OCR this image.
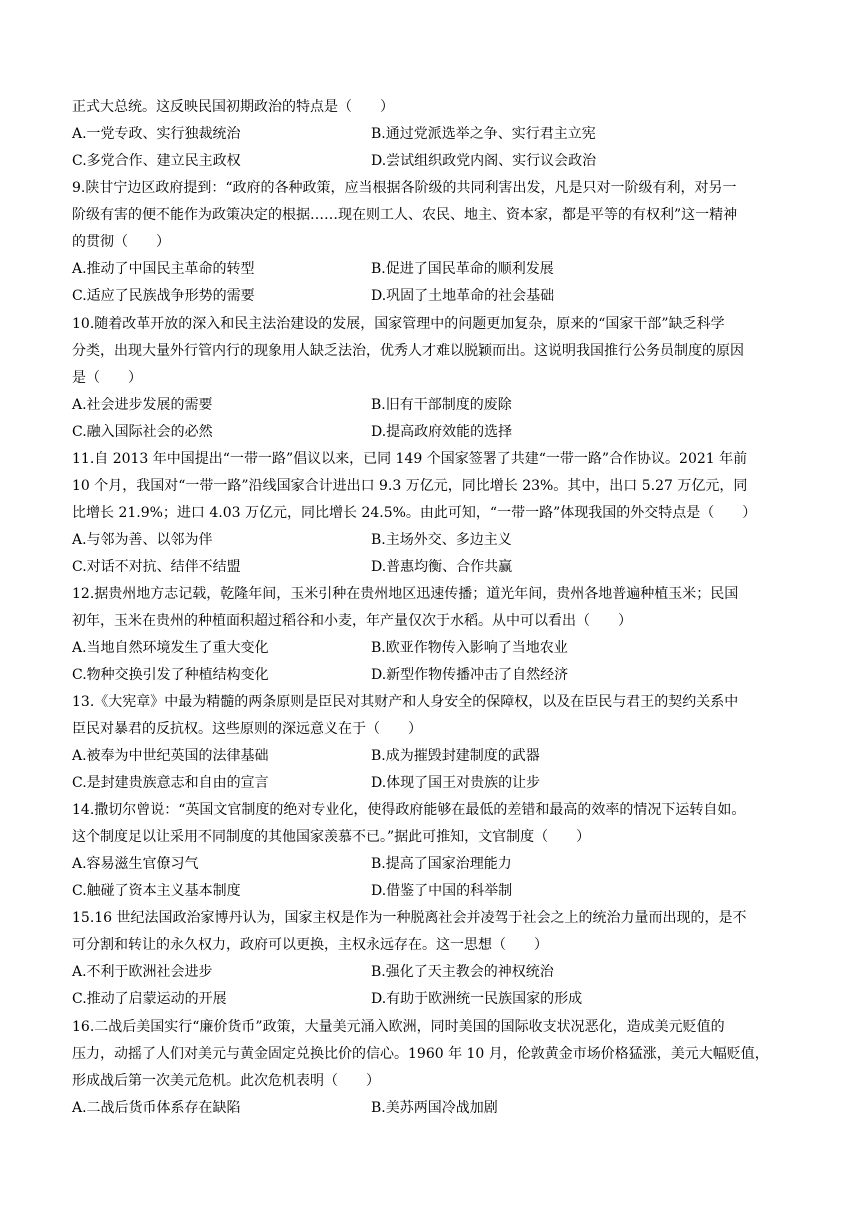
正式大总统。这反映民国初期政治的特点是（　　）
A.一党专政、实行独裁统治	B.通过党派选举之争、实行君主立宪
C.多党合作、建立民主政权	D.尝试组织政党内阁、实行议会政治
9.陕甘宁边区政府提到：“政府的各种政策，应当根据各阶级的共同利害出发，凡是只对一阶级有利，对另一
阶级有害的便不能作为政策决定的根据……现在则工人、农民、地主、资本家，都是平等的有权利”这一精神
的贯彻（　　）
A.推动了中国民主革命的转型	B.促进了国民革命的顺利发展
C.适应了民族战争形势的需要	D.巩固了土地革命的社会基础
10.随着改革开放的深入和民主法治建设的发展，国家管理中的问题更加复杂，原来的“国家干部”缺乏科学
分类，出现大量外行管内行的现象用人缺乏法治，优秀人才难以脱颖而出。这说明我国推行公务员制度的原因
是（　　）
A.社会进步发展的需要	B.旧有干部制度的废除
C.融入国际社会的必然	D.提高政府效能的选择
11.自 2013 年中国提出“一带一路”倡议以来，已同 149 个国家签署了共建“一带一路”合作协议。2021 年前
10 个月，我国对“一带一路”沿线国家合计进出口 9.3 万亿元，同比增长 23%。其中，出口 5.27 万亿元，同
比增长 21.9%；进口 4.03 万亿元，同比增长 24.5%。由此可知，“一带一路”体现我国的外交特点是（　　）
A.与邻为善、以邻为伴	B.主场外交、多边主义
C.对话不对抗、结伴不结盟	D.普惠均衡、合作共赢
12.据贵州地方志记载，乾隆年间，玉米引种在贵州地区迅速传播；道光年间，贵州各地普遍种植玉米；民国
初年，玉米在贵州的种植面积超过稻谷和小麦，年产量仅次于水稻。从中可以看出（　　）
A.当地自然环境发生了重大变化	B.欧亚作物传入影响了当地农业
C.物种交换引发了种植结构变化	D.新型作物传播冲击了自然经济
13.《大宪章》中最为精髓的两条原则是臣民对其财产和人身安全的保障权，以及在臣民与君王的契约关系中
臣民对暴君的反抗权。这些原则的深远意义在于（　　）
A.被奉为中世纪英国的法律基础	B.成为摧毁封建制度的武器
C.是封建贵族意志和自由的宣言	D.体现了国王对贵族的让步
14.撒切尔曾说：“英国文官制度的绝对专业化，使得政府能够在最低的差错和最高的效率的情况下运转自如。
这个制度足以让采用不同制度的其他国家羡慕不已。”据此可推知，文官制度（　　）
A.容易滋生官僚习气	B.提高了国家治理能力
C.触碰了资本主义基本制度	D.借鉴了中国的科举制
15.16 世纪法国政治家博丹认为，国家主权是作为一种脱离社会并凌驾于社会之上的统治力量而出现的，是不
可分割和转让的永久权力，政府可以更换，主权永远存在。这一思想（　　）
A.不利于欧洲社会进步	B.强化了天主教会的神权统治
C.推动了启蒙运动的开展	D.有助于欧洲统一民族国家的形成
16.二战后美国实行“廉价货币”政策，大量美元涌入欧洲，同时美国的国际收支状况恶化，造成美元贬值的
压力，动摇了人们对美元与黄金固定兑换比价的信心。1960 年 10 月，伦敦黄金市场价格猛涨，美元大幅贬值，
形成战后第一次美元危机。此次危机表明（　　）
A.二战后货币体系存在缺陷	B.美苏两国冷战加剧
